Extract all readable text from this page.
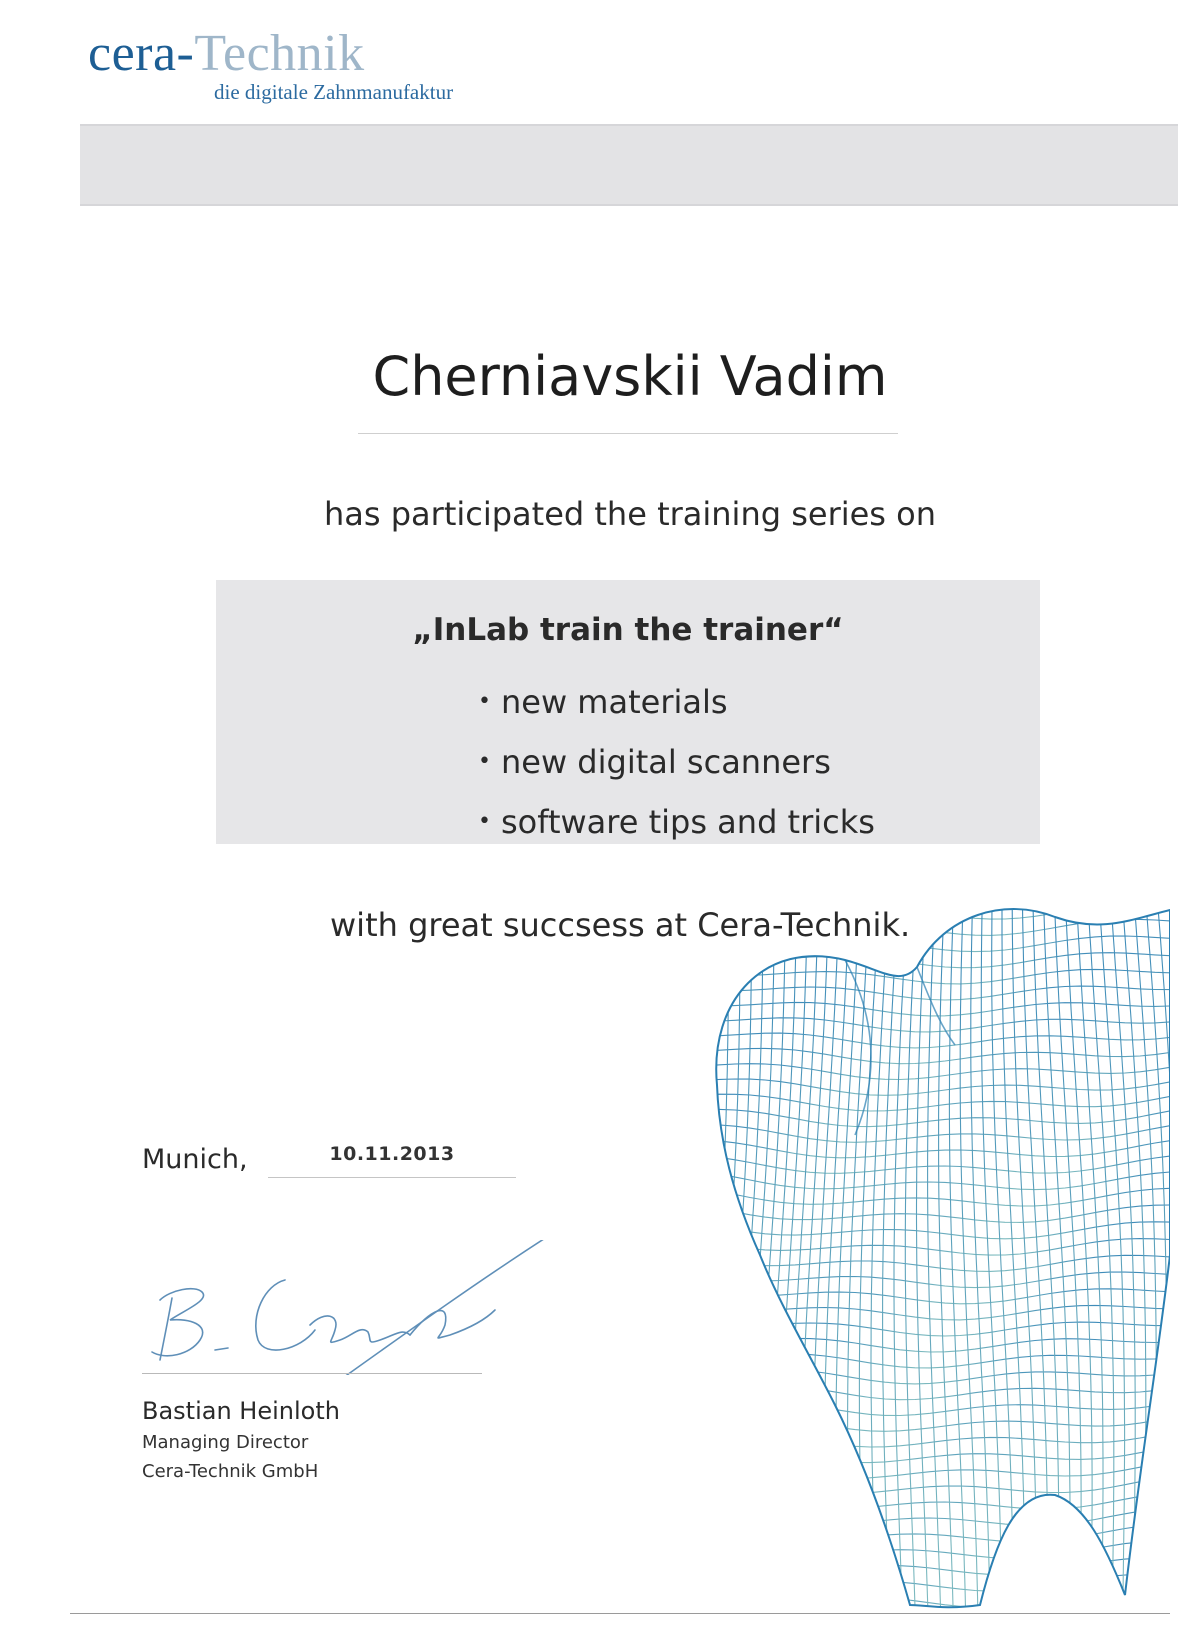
cera-Technik
die digitale Zahnmanufaktur
Cherniavskii Vadim
has participated the training series on
„InLab train the trainer“
• new materials
• new digital scanners
• software tips and tricks
with great succsess at Cera-Technik.
Munich,	10.11.2013
Bastian Heinloth
Managing Director
Cera-Technik GmbH
